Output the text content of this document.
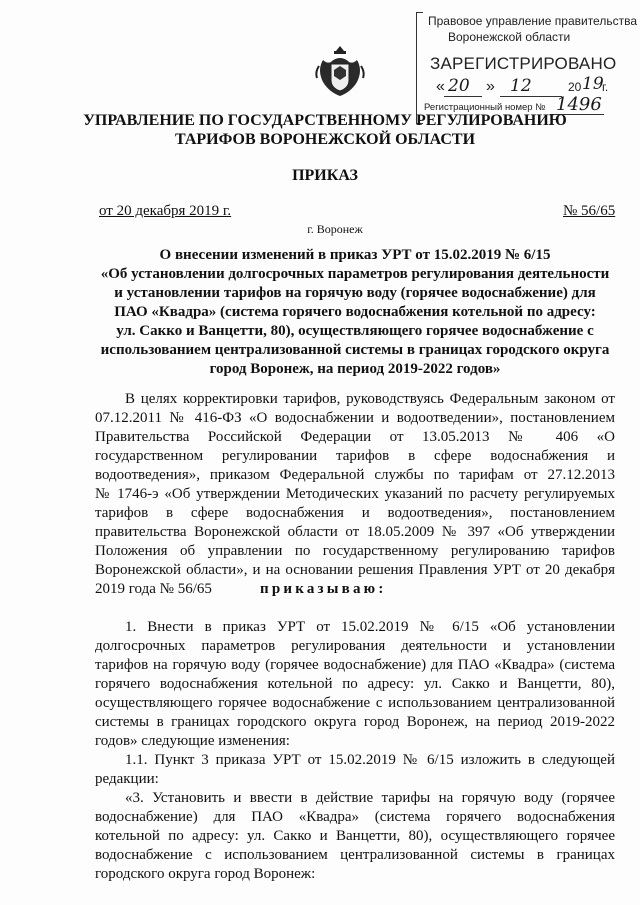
Правовое управление правительства
Воронежской области
ЗАРЕГИСТРИРОВАНО
« 20 » 12	20 19
г.
Регистрационный номер № 1496
УПРАВЛЕНИЕ ПО ГОСУДАРСТВЕННОМУ РЕГУЛИРОВАНИЮ
ТАРИФОВ ВОРОНЕЖСКОЙ ОБЛАСТИ
ПРИКАЗ
от 20 декабря 2019 г.	№ 56/65
г. Воронеж
О внесении изменений в приказ УРТ от 15.02.2019 № 6/15
«Об установлении долгосрочных параметров регулирования деятельности
и установлении тарифов на горячую воду (горячее водоснабжение) для
ПАО «Квадра» (система горячего водоснабжения котельной по адресу:
ул. Сакко и Ванцетти, 80), осуществляющего горячее водоснабжение с
использованием централизованной системы в границах городского округа
город Воронеж, на период 2019-2022 годов»
В целях корректировки тарифов, руководствуясь Федеральным законом от
07.12.2011 № 416-ФЗ «О водоснабжении и водоотведении», постановлением
Правительства Российской Федерации от 13.05.2013 № 406 «О
государственном регулировании тарифов в сфере водоснабжения и
водоотведения», приказом Федеральной службы по тарифам от 27.12.2013
№ 1746-э «Об утверждении Методических указаний по расчету регулируемых
тарифов в сфере водоснабжения и водоотведения», постановлением
правительства Воронежской области от 18.05.2009 № 397 «Об утверждении
Положения об управлении по государственному регулированию тарифов
Воронежской области», и на основании решения Правления УРТ от 20 декабря
2019 года № 56/65	приказываю:
1. Внести в приказ УРТ от 15.02.2019 № 6/15 «Об установлении
долгосрочных параметров регулирования деятельности и установлении
тарифов на горячую воду (горячее водоснабжение) для ПАО «Квадра» (система
горячего водоснабжения котельной по адресу: ул. Сакко и Ванцетти, 80),
осуществляющего горячее водоснабжение с использованием централизованной
системы в границах городского округа город Воронеж, на период 2019-2022
годов» следующие изменения:
1.1. Пункт 3 приказа УРТ от 15.02.2019 № 6/15 изложить в следующей
редакции:
«3. Установить и ввести в действие тарифы на горячую воду (горячее
водоснабжение) для ПАО «Квадра» (система горячего водоснабжения
котельной по адресу: ул. Сакко и Ванцетти, 80), осуществляющего горячее
водоснабжение с использованием централизованной системы в границах
городского округа город Воронеж:
